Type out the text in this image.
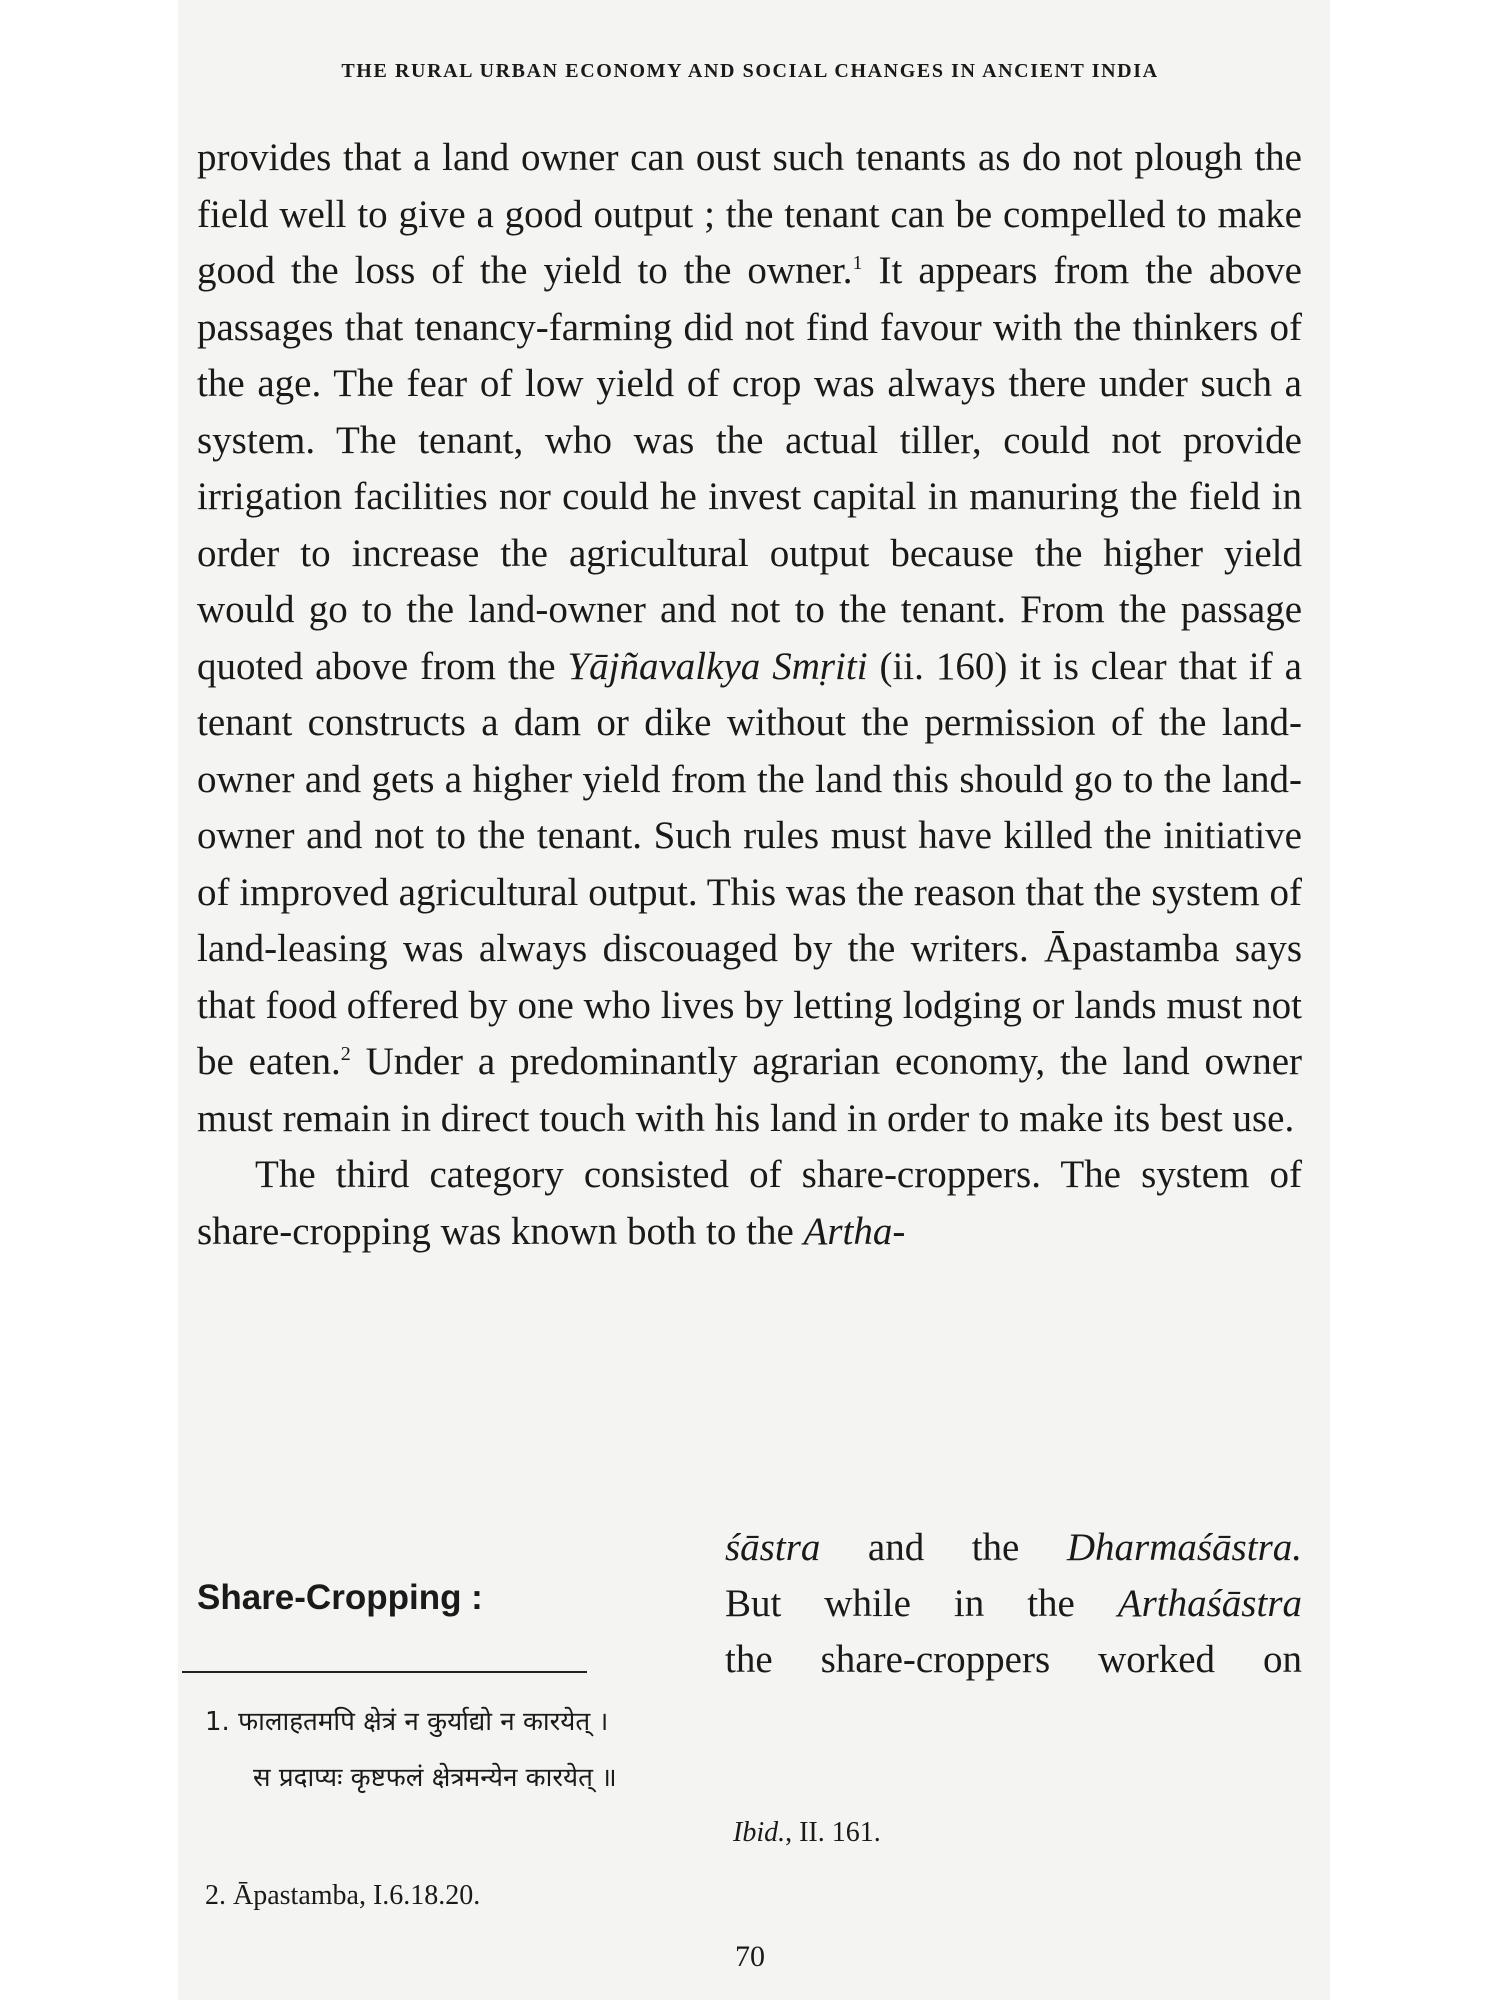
THE RURAL URBAN ECONOMY AND SOCIAL CHANGES IN ANCIENT INDIA

provides that a land owner can oust such tenants as do not plough the field well to give a good output ; the tenant can be compelled to make good the loss of the yield to the owner.$^1$ It appears from the above passages that tenancy-farming did not find favour with the thinkers of the age. The fear of low yield of crop was always there under such a system. The tenant, who was the actual tiller, could not provide irrigation facilities nor could he invest capital in manuring the field in order to increase the agricultural output because the higher yield would go to the land-owner and not to the tenant. From the passage quoted above from the Yājñavalkya Smṛiti (ii. 160) it is clear that if a tenant constructs a dam or dike without the permission of the land-owner and gets a higher yield from the land this should go to the land-owner and not to the tenant. Such rules must have killed the initiative of improved agricultural output. This was the reason that the system of land-leasing was always discouaged by the writers. Āpastamba says that food offered by one who lives by letting lodging or lands must not be eaten.$^2$ Under a predominantly agrarian economy, the land owner must remain in direct touch with his land in order to make its best use.

The third category consisted of share-croppers. The system of share-cropping was known both to the Artha-

Share-Cropping :
śāstra and the Dharmaśāstra.
But while in the Arthaśāstra
the share-croppers worked on
1. फालाहतमपि क्षेत्रं न कुर्याद्यो न कारयेत् ।
स प्रदाप्यः कृष्टफलं क्षेत्रमन्येन कारयेत् ॥
Ibid., II. 161.
2. Āpastamba, I.6.18.20.
70
